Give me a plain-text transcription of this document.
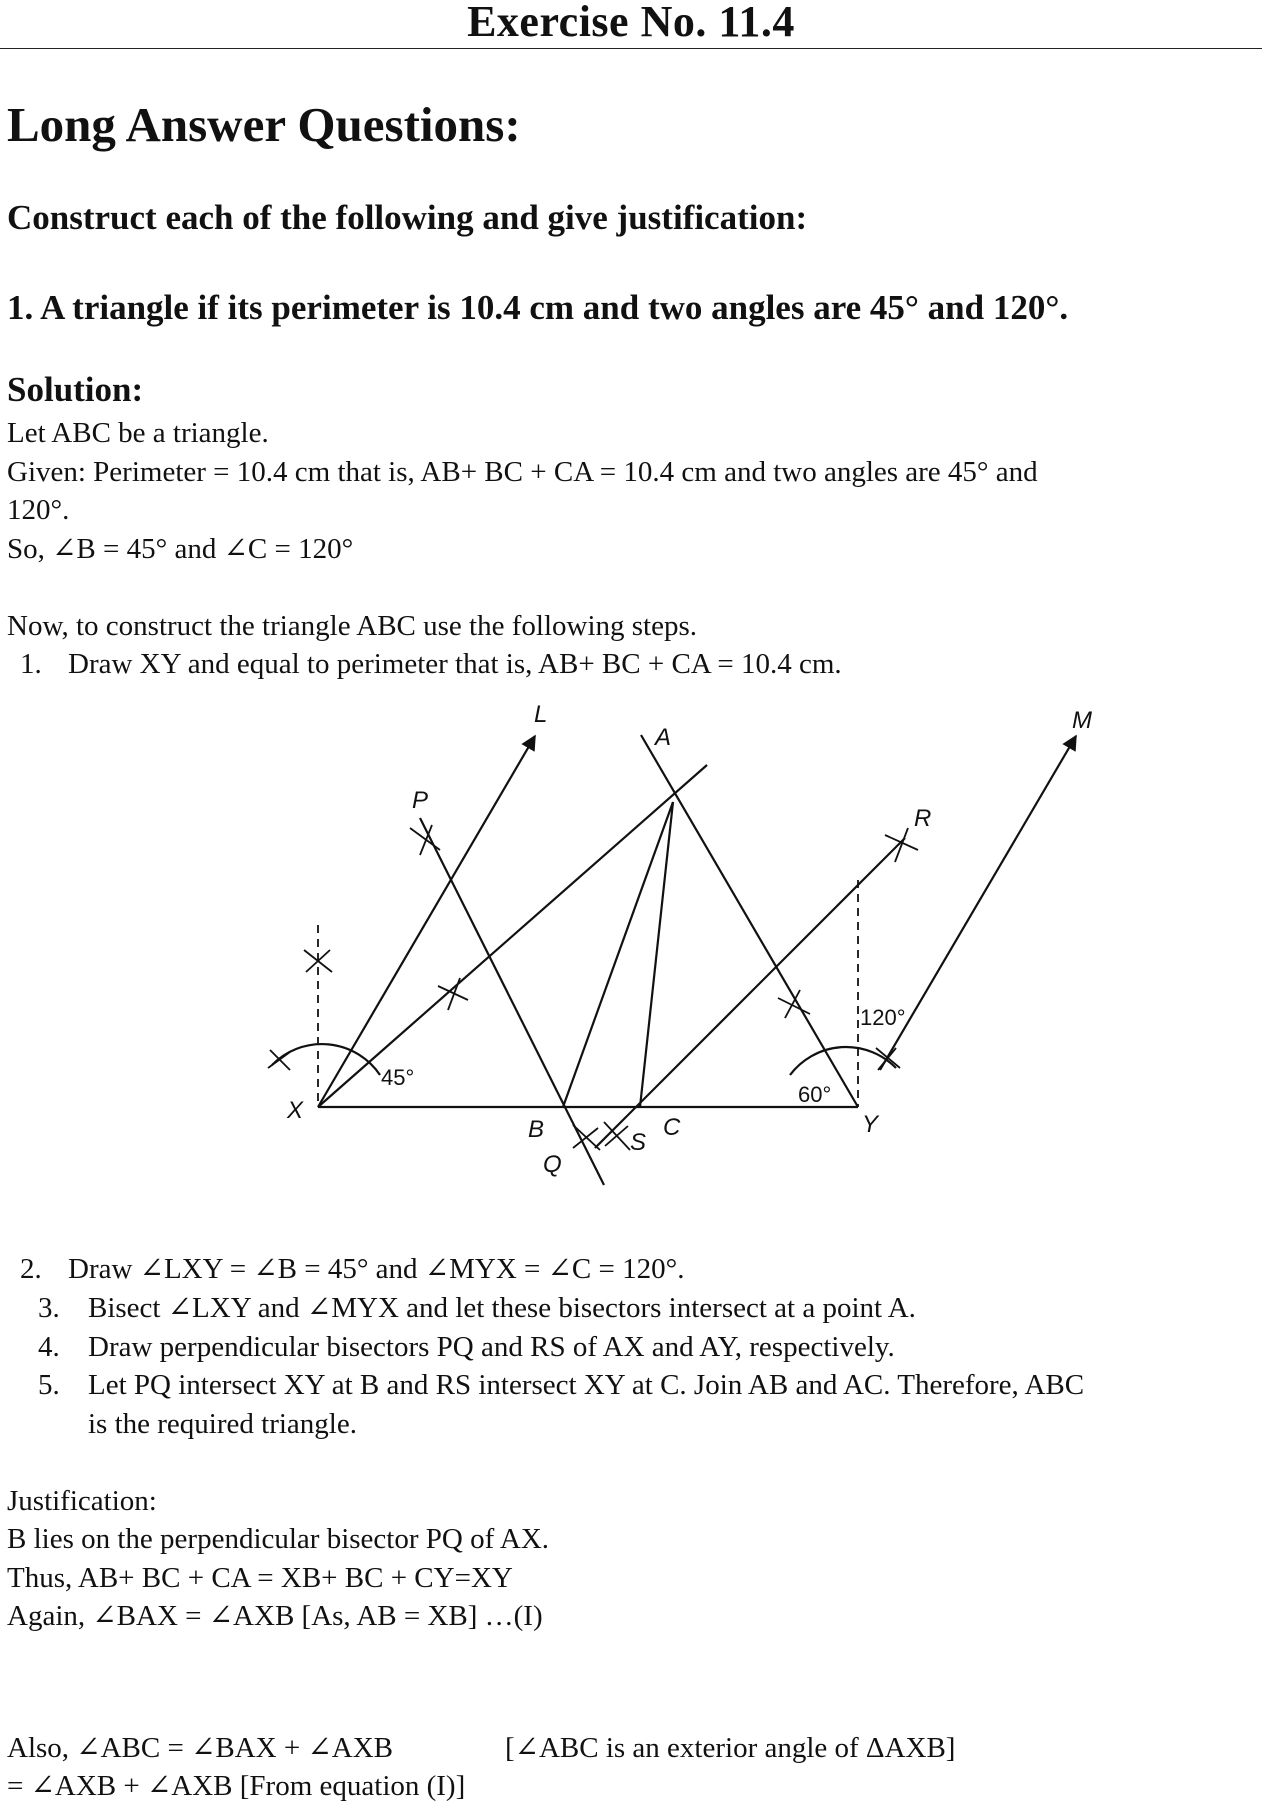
Exercise No. 11.4
Long Answer Questions:
Construct each of the following and give justification:
1. A triangle if its perimeter is 10.4 cm and two angles are 45° and 120°.
Solution:
Let ABC be a triangle.
Given: Perimeter = 10.4 cm that is, AB+ BC + CA = 10.4 cm and two angles are 45° and
120°.
So, ∠B = 45° and ∠C = 120°
Now, to construct the triangle ABC use the following steps.
1. Draw XY and equal to perimeter that is, AB+ BC + CA = 10.4 cm.
L
A
M
P
R
X
Y
B	C
Q
S
45°
60°
120°
2. Draw ∠LXY = ∠B = 45° and ∠MYX = ∠C = 120°.
3. Bisect ∠LXY and ∠MYX and let these bisectors intersect at a point A.
4. Draw perpendicular bisectors PQ and RS of AX and AY, respectively.
5. Let PQ intersect XY at B and RS intersect XY at C. Join AB and AC. Therefore, ABC
is the required triangle.
Justification:
B lies on the perpendicular bisector PQ of AX.
Thus, AB+ BC + CA = XB+ BC + CY=XY
Again, ∠BAX = ∠AXB [As, AB = XB] …(I)
Also, ∠ABC = ∠BAX + ∠AXB	[∠ABC is an exterior angle of ΔAXB]
= ∠AXB + ∠AXB [From equation (I)]
